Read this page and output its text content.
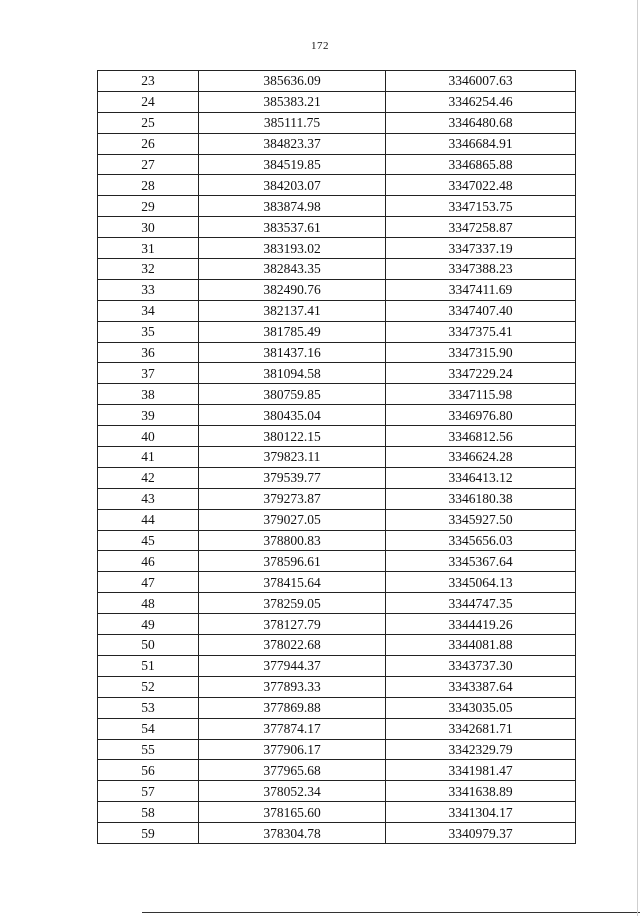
172
23	385636.09	3346007.63
24	385383.21	3346254.46
25	385111.75	3346480.68
26	384823.37	3346684.91
27	384519.85	3346865.88
28	384203.07	3347022.48
29	383874.98	3347153.75
30	383537.61	3347258.87
31	383193.02	3347337.19
32	382843.35	3347388.23
33	382490.76	3347411.69
34	382137.41	3347407.40
35	381785.49	3347375.41
36	381437.16	3347315.90
37	381094.58	3347229.24
38	380759.85	3347115.98
39	380435.04	3346976.80
40	380122.15	3346812.56
41	379823.11	3346624.28
42	379539.77	3346413.12
43	379273.87	3346180.38
44	379027.05	3345927.50
45	378800.83	3345656.03
46	378596.61	3345367.64
47	378415.64	3345064.13
48	378259.05	3344747.35
49	378127.79	3344419.26
50	378022.68	3344081.88
51	377944.37	3343737.30
52	377893.33	3343387.64
53	377869.88	3343035.05
54	377874.17	3342681.71
55	377906.17	3342329.79
56	377965.68	3341981.47
57	378052.34	3341638.89
58	378165.60	3341304.17
59	378304.78	3340979.37
